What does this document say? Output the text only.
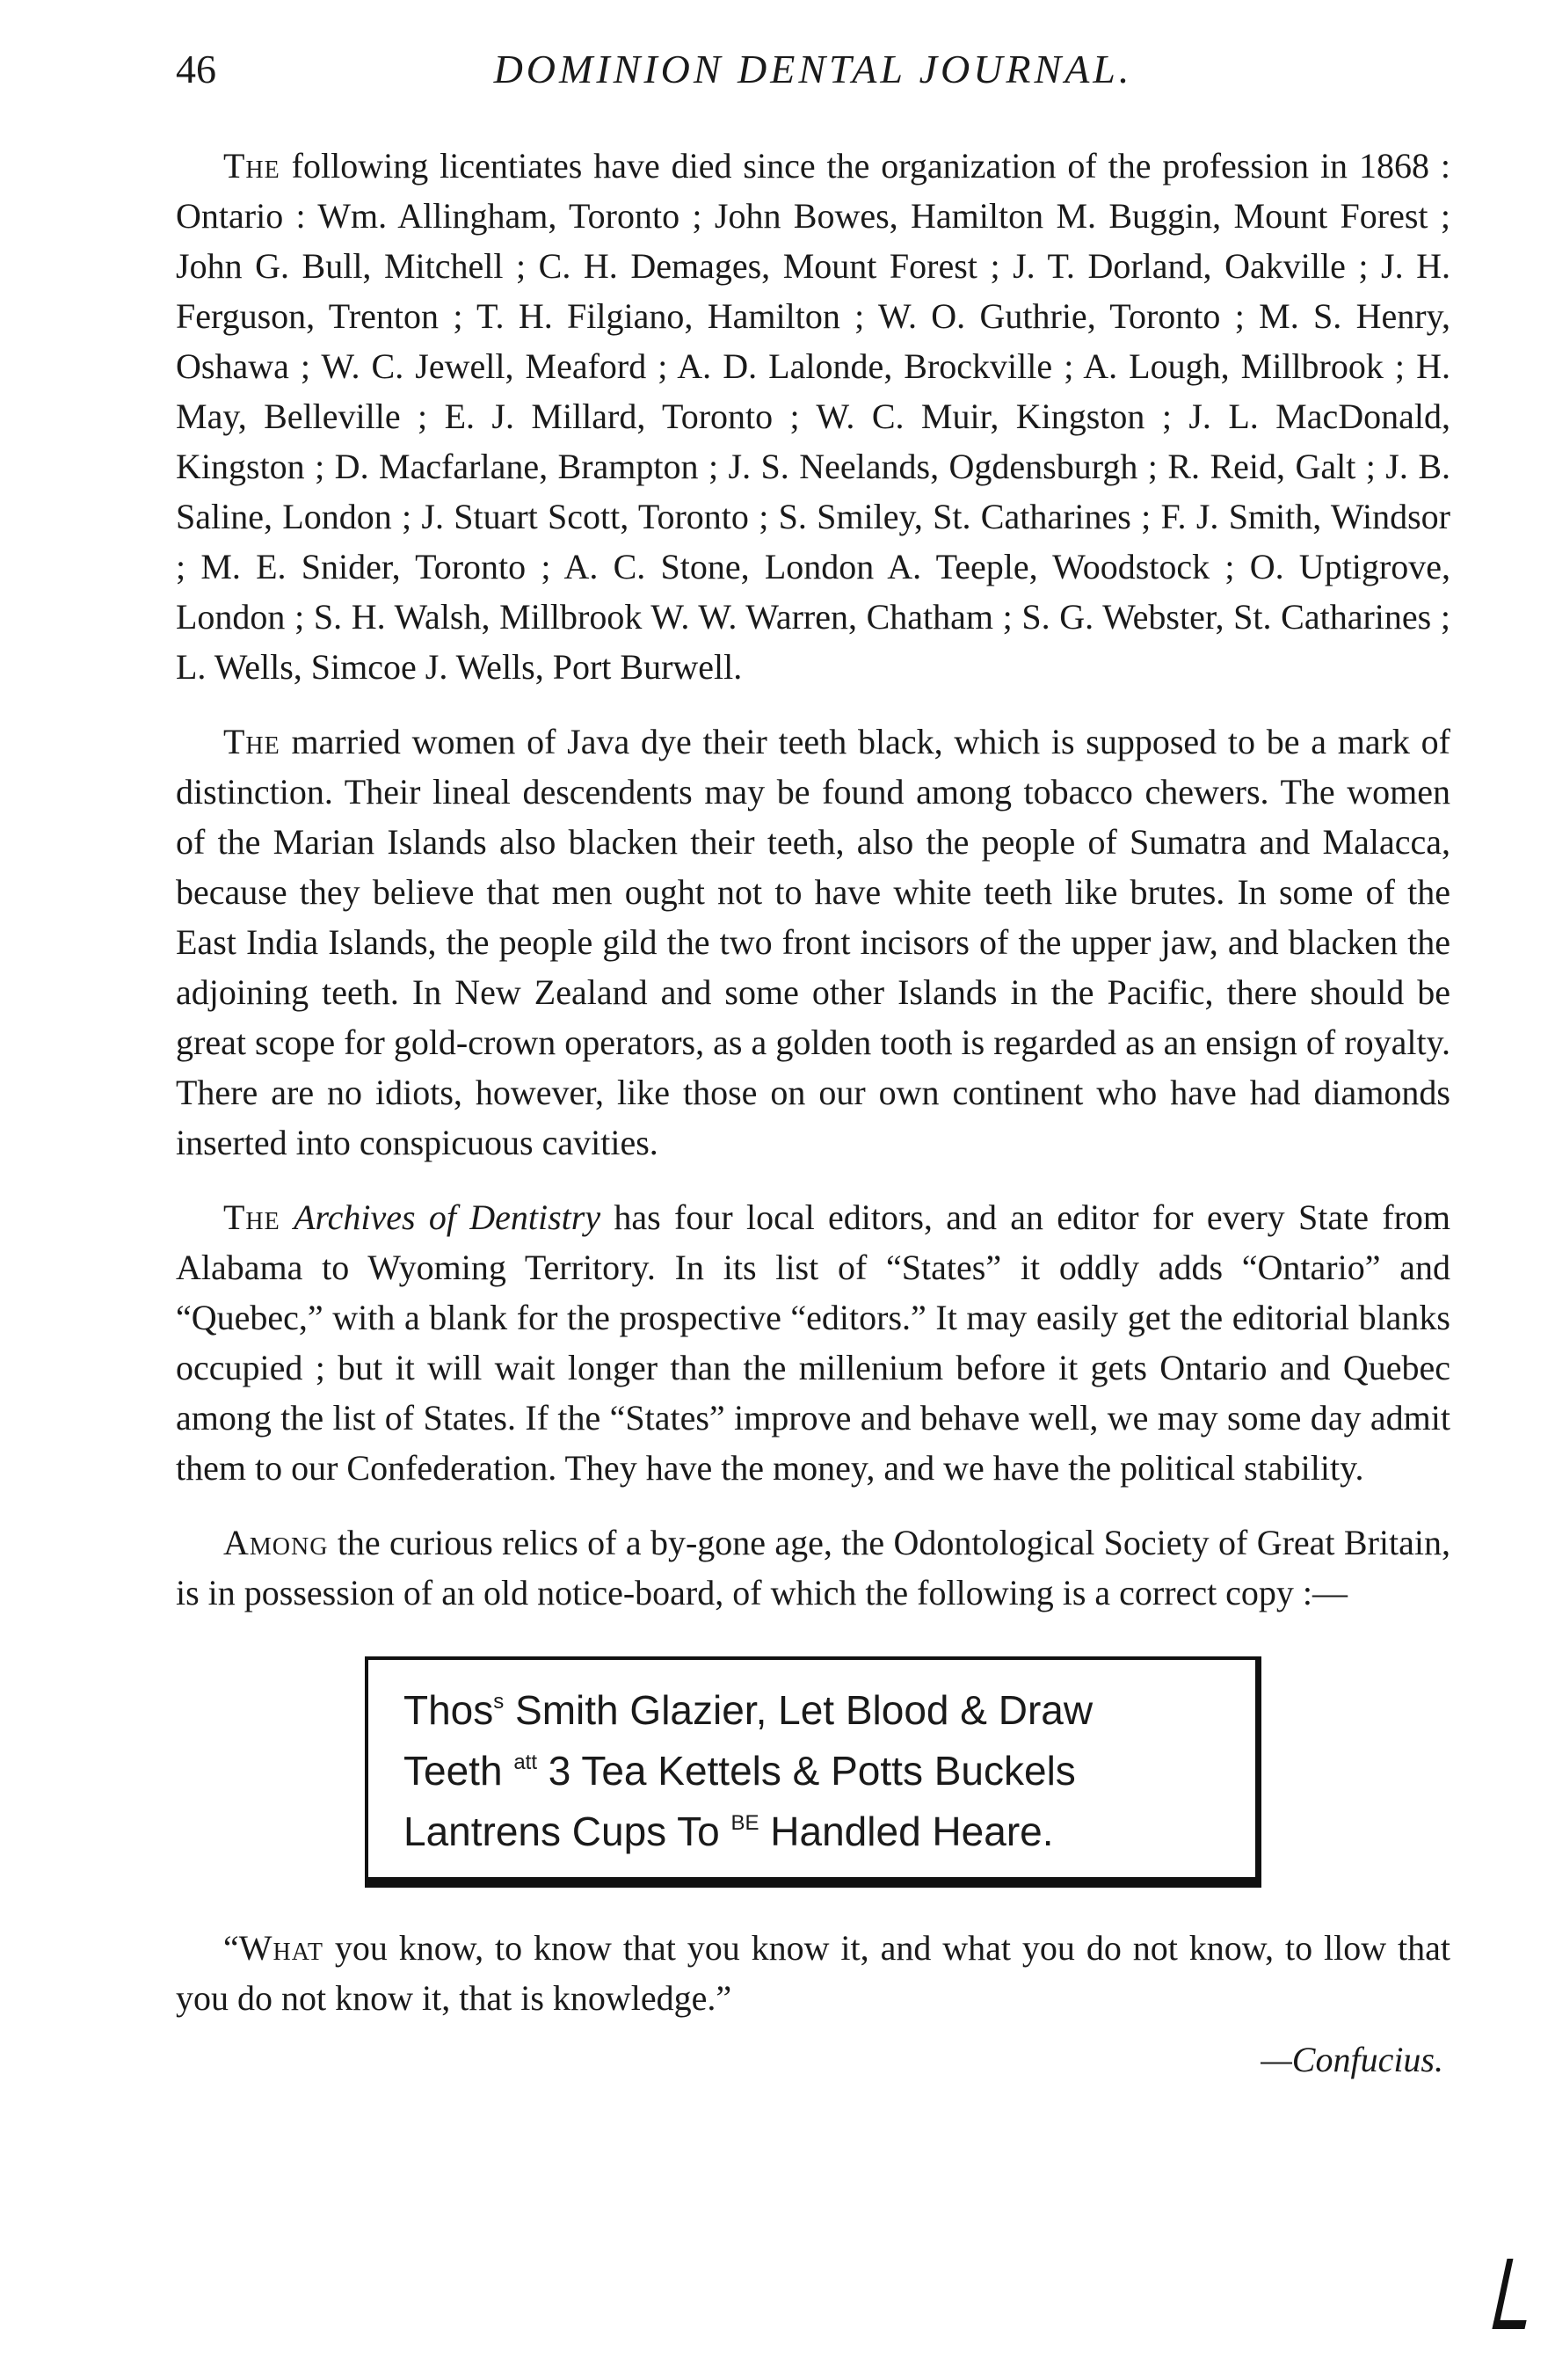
46	DOMINION DENTAL JOURNAL.

The following licentiates have died since the organization of the profession in 1868 : Ontario : Wm. Allingham, Toronto ; John Bowes, Hamilton M. Buggin, Mount Forest ; John G. Bull, Mitchell ; C. H. Demages, Mount Forest ; J. T. Dorland, Oakville ; J. H. Ferguson, Trenton ; T. H. Filgiano, Hamilton ; W. O. Guthrie, Toronto ; M. S. Henry, Oshawa ; W. C. Jewell, Meaford ; A. D. Lalonde, Brockville ; A. Lough, Millbrook ; H. May, Belleville ; E. J. Millard, Toronto ; W. C. Muir, Kingston ; J. L. MacDonald, Kingston ; D. Macfarlane, Brampton ; J. S. Neelands, Ogdensburgh ; R. Reid, Galt ; J. B. Saline, London ; J. Stuart Scott, Toronto ; S. Smiley, St. Catharines ; F. J. Smith, Windsor ; M. E. Snider, Toronto ; A. C. Stone, London A. Teeple, Woodstock ; O. Uptigrove, London ; S. H. Walsh, Millbrook W. W. Warren, Chatham ; S. G. Webster, St. Catharines ; L. Wells, Simcoe J. Wells, Port Burwell.

The married women of Java dye their teeth black, which is supposed to be a mark of distinction. Their lineal descendents may be found among tobacco chewers. The women of the Marian Islands also blacken their teeth, also the people of Sumatra and Malacca, because they believe that men ought not to have white teeth like brutes. In some of the East India Islands, the people gild the two front incisors of the upper jaw, and blacken the adjoining teeth. In New Zealand and some other Islands in the Pacific, there should be great scope for gold-crown operators, as a golden tooth is regarded as an ensign of royalty. There are no idiots, however, like those on our own continent who have had diamonds inserted into conspicuous cavities.

The Archives of Dentistry has four local editors, and an editor for every State from Alabama to Wyoming Territory. In its list of “States” it oddly adds “Ontario” and “Quebec,” with a blank for the prospective “editors.” It may easily get the editorial blanks occupied ; but it will wait longer than the millenium before it gets Ontario and Quebec among the list of States. If the “States” improve and behave well, we may some day admit them to our Confederation. They have the money, and we have the political stability.

Among the curious relics of a by-gone age, the Odontological Society of Great Britain, is in possession of an old notice-board, of which the following is a correct copy :—

Thos$^s$ Smith Glazier, Let Blood & Draw
Teeth $^{att}$ 3 Tea Kettels & Potts Buckels
Lantrens Cups To $^{BE}$ Handled Heare.

“What you know, to know that you know it, and what you do not know, to llow that you do not know it, that is knowledge.”

—Confucius.
